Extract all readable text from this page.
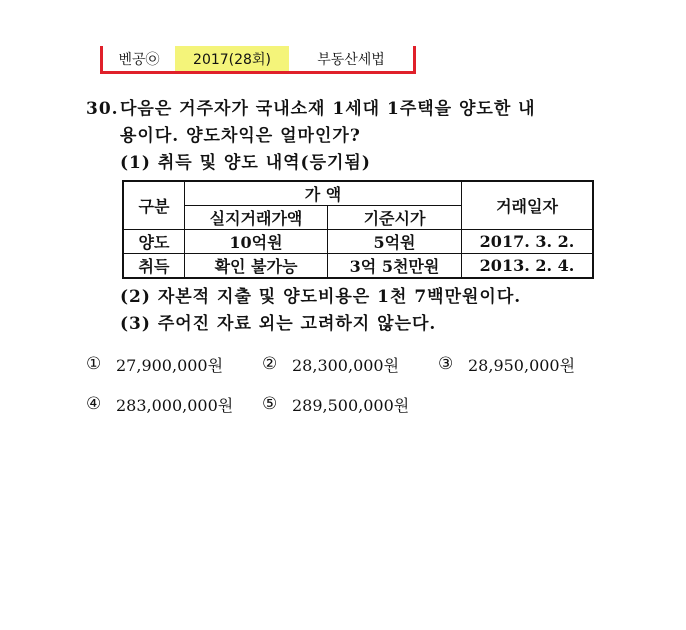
벤공㉧	2017(28회)	부동산세법
30.다음은 거주자가 국내소재 1세대 1주택을 양도한 내
용이다. 양도차익은 얼마인가?
(1) 취득 및 양도 내역(등기됨)
구분	가 액		거래일자
	실지거래가액	기준시가	
양도	10억원	5억원	2017. 3. 2.
취득	확인 불가능	3억 5천만원	2013. 2. 4.
(2) 자본적 지출 및 양도비용은 1천 7백만원이다.
(3) 주어진 자료 외는 고려하지 않는다.
① 27,900,000원 ② 28,300,000원 ③ 28,950,000원
④ 283,000,000원 ⑤ 289,500,000원
